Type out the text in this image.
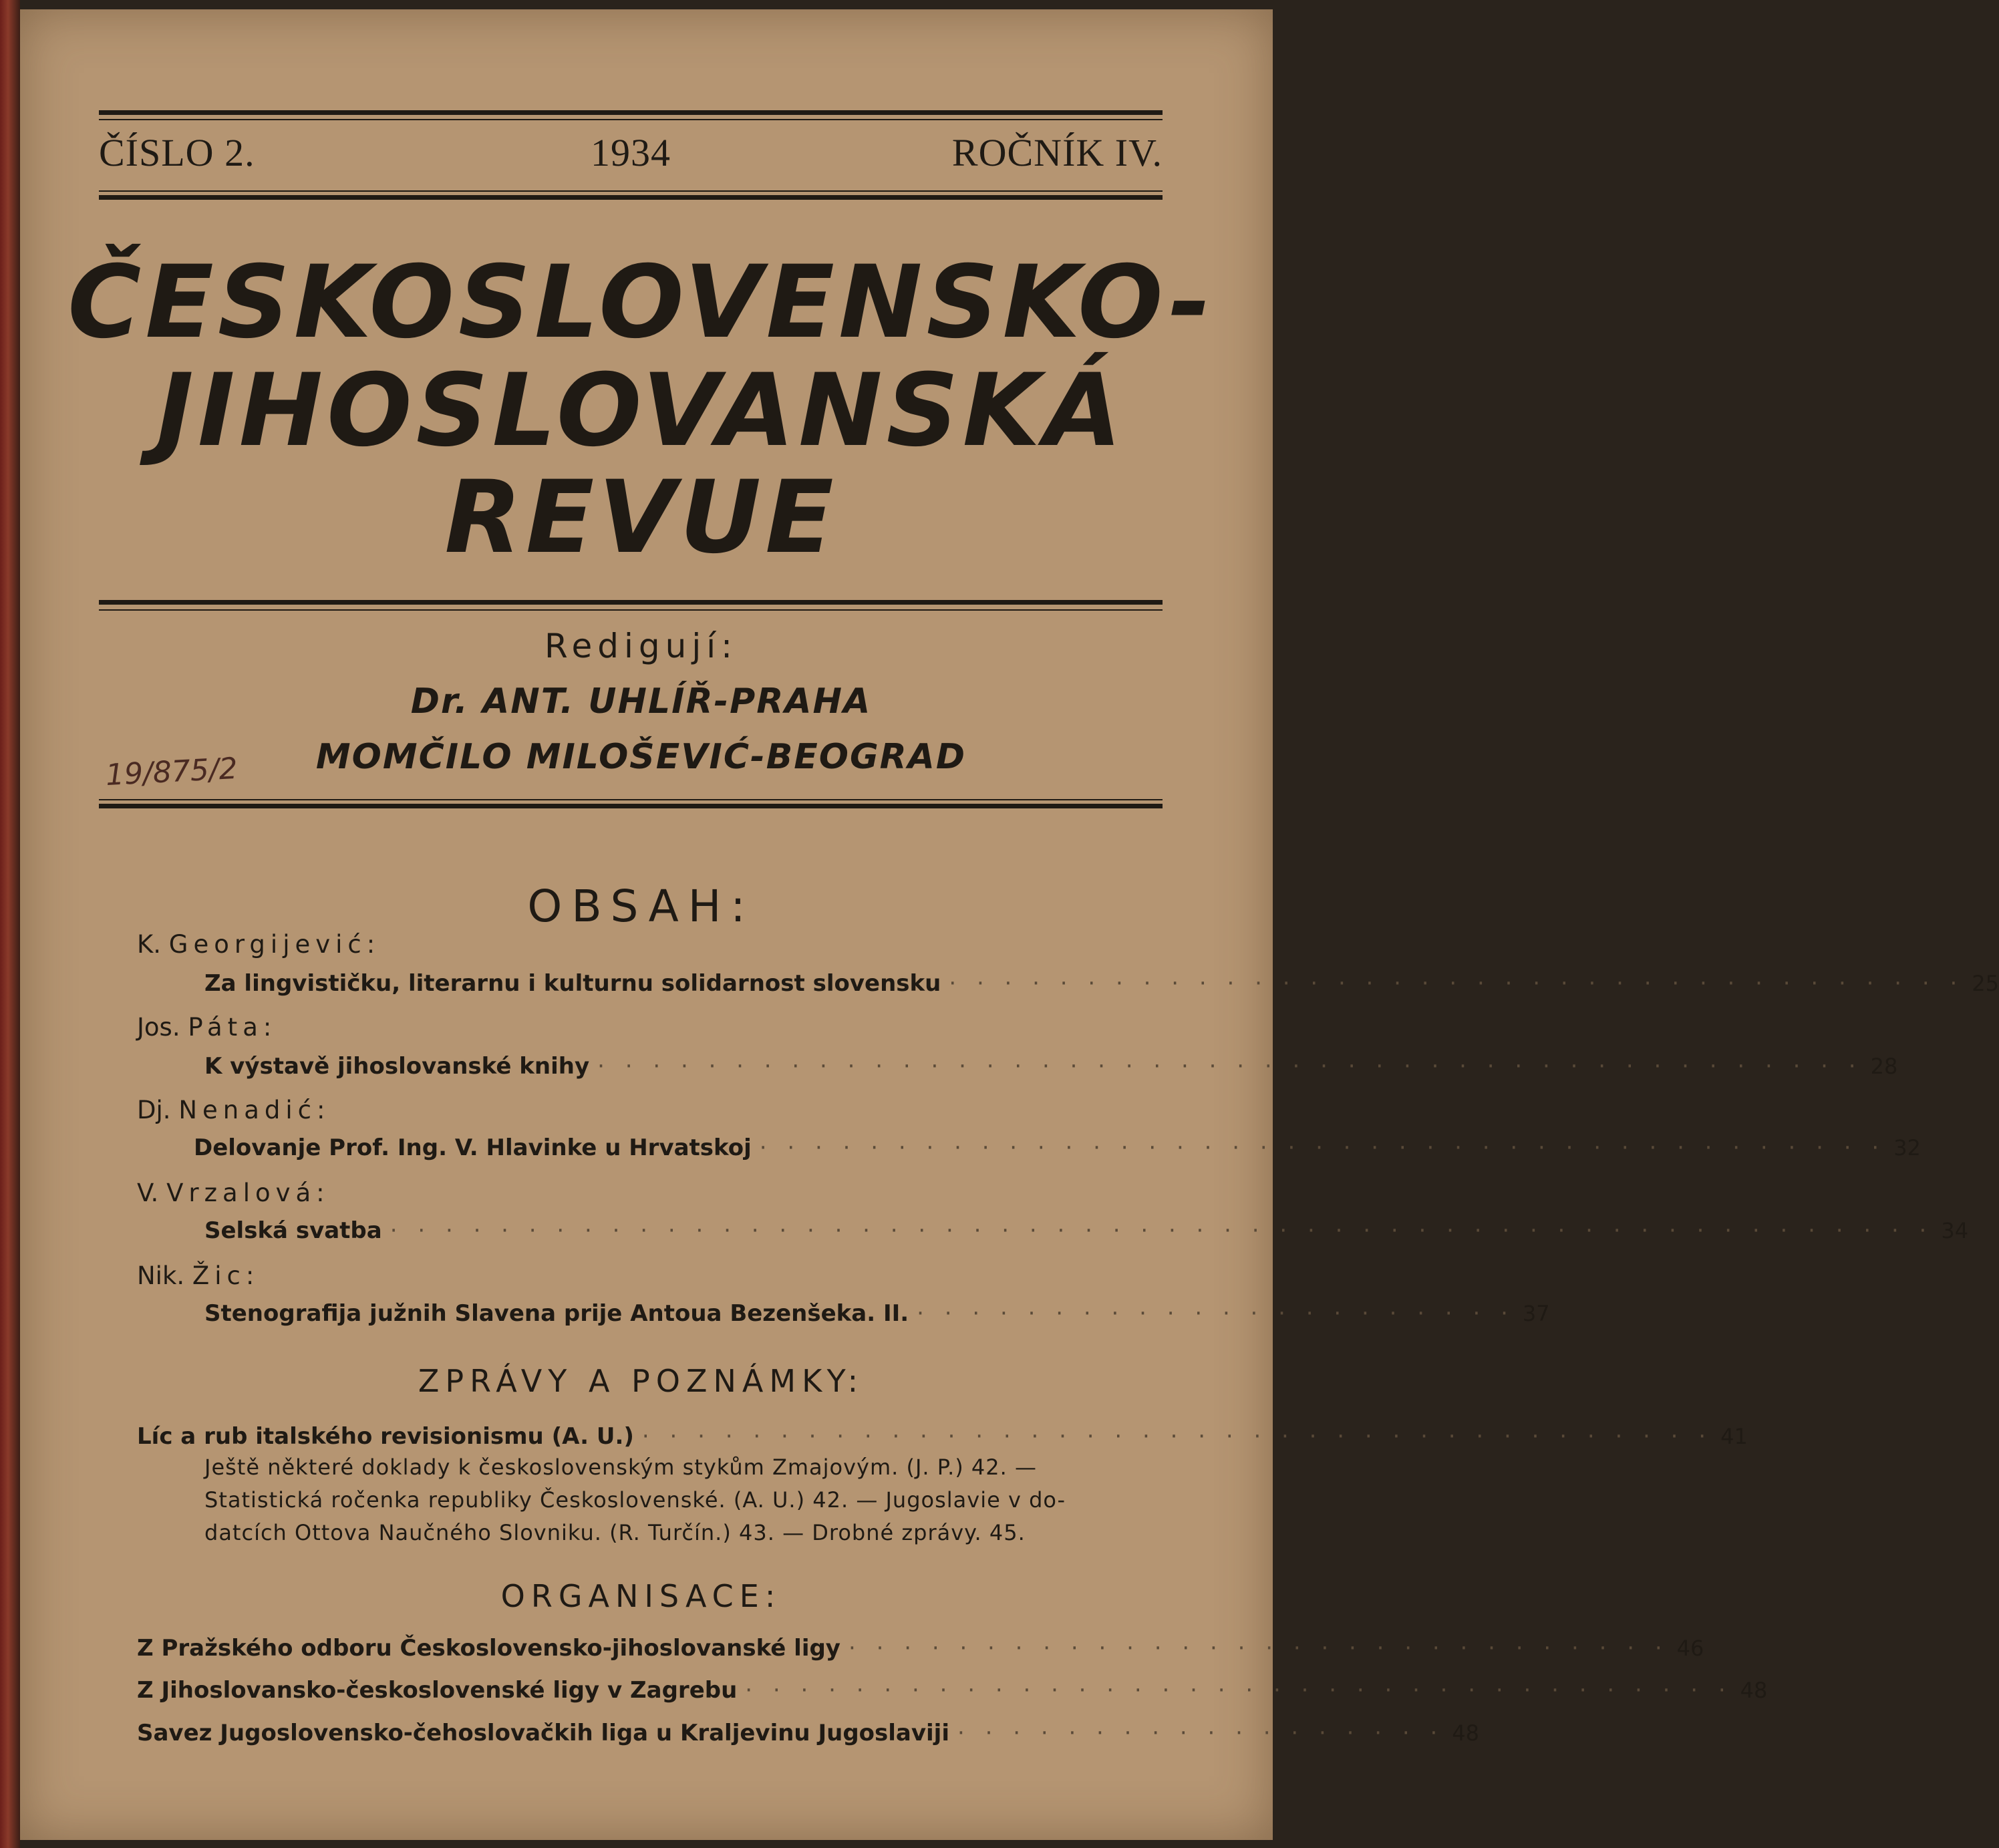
ČÍSLO 2.	1934	ROČNÍK IV.
ČESKOSLOVENSKO-
JIHOSLOVANSKÁ
REVUE
Redigují:
Dr. ANT. UHLÍŘ-PRAHA
MOMČILO MILOŠEVIĆ-BEOGRAD
19/875/2
OBSAH:
K. Georgijević:
Za lingvističku, literarnu i kulturnu solidarnost slovensku · · · · · · · · · · · · · · · · · · · · · · · · · · · · · · · · · · · · · 25
Jos. Páta:
K výstavě jihoslovanské knihy · · · · · · · · · · · · · · · · · · · · · · · · · · · · · · · · · · · · · · · · · · · · · · 28
Dj. Nenadić:
Delovanje Prof. Ing. V. Hlavinke u Hrvatskoj · · · · · · · · · · · · · · · · · · · · · · · · · · · · · · · · · · · · · · · · · 32
V. Vrzalová:
Selská svatba · · · · · · · · · · · · · · · · · · · · · · · · · · · · · · · · · · · · · · · · · · · · · · · · · · · · · · · · 34
Nik. Žic:
Stenografija južnih Slavena prije Antoua Bezenšeka. II. · · · · · · · · · · · · · · · · · · · · · · 37
ZPRÁVY A POZNÁMKY:
Líc a rub italského revisionismu (A. U.) · · · · · · · · · · · · · · · · · · · · · · · · · · · · · · · · · · · · · · · 41
Ještě některé doklady k československým stykům Zmajovým. (J. P.) 42. —
Statistická ročenka republiky Československé. (A. U.) 42. — Jugoslavie v do-
datcích Ottova Naučného Slovniku. (R. Turčín.) 43. — Drobné zprávy. 45.
ORGANISACE:
Z Pražského odboru Československo-jihoslovanské ligy · · · · · · · · · · · · · · · · · · · · · · · · · · · · · · 46
Z Jihoslovansko-československé ligy v Zagrebu · · · · · · · · · · · · · · · · · · · · · · · · · · · · · · · · · · · · 48
Savez Jugoslovensko-čehoslovačkih liga u Kraljevinu Jugoslaviji · · · · · · · · · · · · · · · · · · 48
